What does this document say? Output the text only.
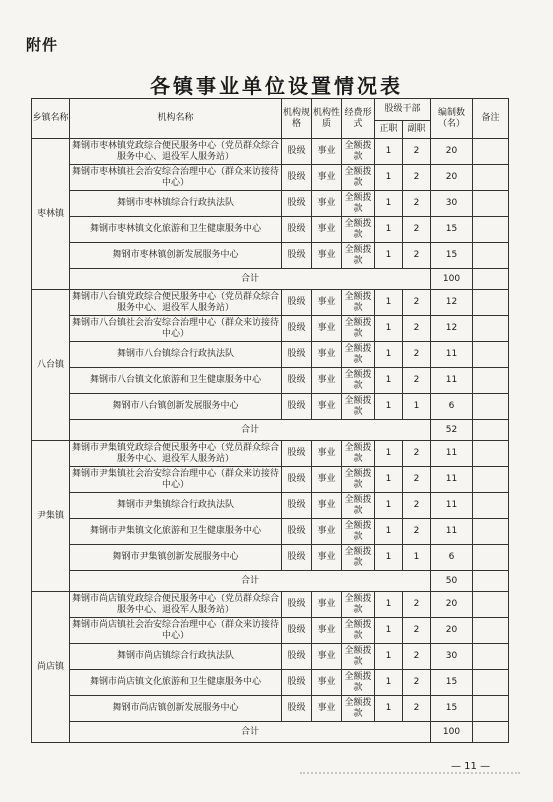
附件
各镇事业单位设置情况表
乡镇名称	机构名称	机构规格	机构性质	经费形式	股级干部		编制数（名）	备注
					正职	副职		
枣林镇	舞钢市枣林镇党政综合便民服务中心（党员群众综合服务中心、退役军人服务站）	股级	事业	全额拨款	1	2	20	
	舞钢市枣林镇社会治安综合治理中心（群众来访接待中心）	股级	事业	全额拨款	1	2	20	
	舞钢市枣林镇综合行政执法队	股级	事业	全额拨款	1	2	30	
	舞钢市枣林镇文化旅游和卫生健康服务中心	股级	事业	全额拨款	1	2	15	
	舞钢市枣林镇创新发展服务中心	股级	事业	全额拨款	1	2	15	
	合计						100	
八台镇	舞钢市八台镇党政综合便民服务中心（党员群众综合服务中心、退役军人服务站）	股级	事业	全额拨款	1	2	12	
	舞钢市八台镇社会治安综合治理中心（群众来访接待中心）	股级	事业	全额拨款	1	2	12	
	舞钢市八台镇综合行政执法队	股级	事业	全额拨款	1	2	11	
	舞钢市八台镇文化旅游和卫生健康服务中心	股级	事业	全额拨款	1	2	11	
	舞钢市八台镇创新发展服务中心	股级	事业	全额拨款	1	1	6	
	合计						52	
尹集镇	舞钢市尹集镇党政综合便民服务中心（党员群众综合服务中心、退役军人服务站）	股级	事业	全额拨款	1	2	11	
	舞钢市尹集镇社会治安综合治理中心（群众来访接待中心）	股级	事业	全额拨款	1	2	11	
	舞钢市尹集镇综合行政执法队	股级	事业	全额拨款	1	2	11	
	舞钢市尹集镇文化旅游和卫生健康服务中心	股级	事业	全额拨款	1	2	11	
	舞钢市尹集镇创新发展服务中心	股级	事业	全额拨款	1	1	6	
	合计						50	
尚店镇	舞钢市尚店镇党政综合便民服务中心（党员群众综合服务中心、退役军人服务站）	股级	事业	全额拨款	1	2	20	
	舞钢市尚店镇社会治安综合治理中心（群众来访接待中心）	股级	事业	全额拨款	1	2	20	
	舞钢市尚店镇综合行政执法队	股级	事业	全额拨款	1	2	30	
	舞钢市尚店镇文化旅游和卫生健康服务中心	股级	事业	全额拨款	1	2	15	
	舞钢市尚店镇创新发展服务中心	股级	事业	全额拨款	1	2	15	
	合计						100	
— 11 —
